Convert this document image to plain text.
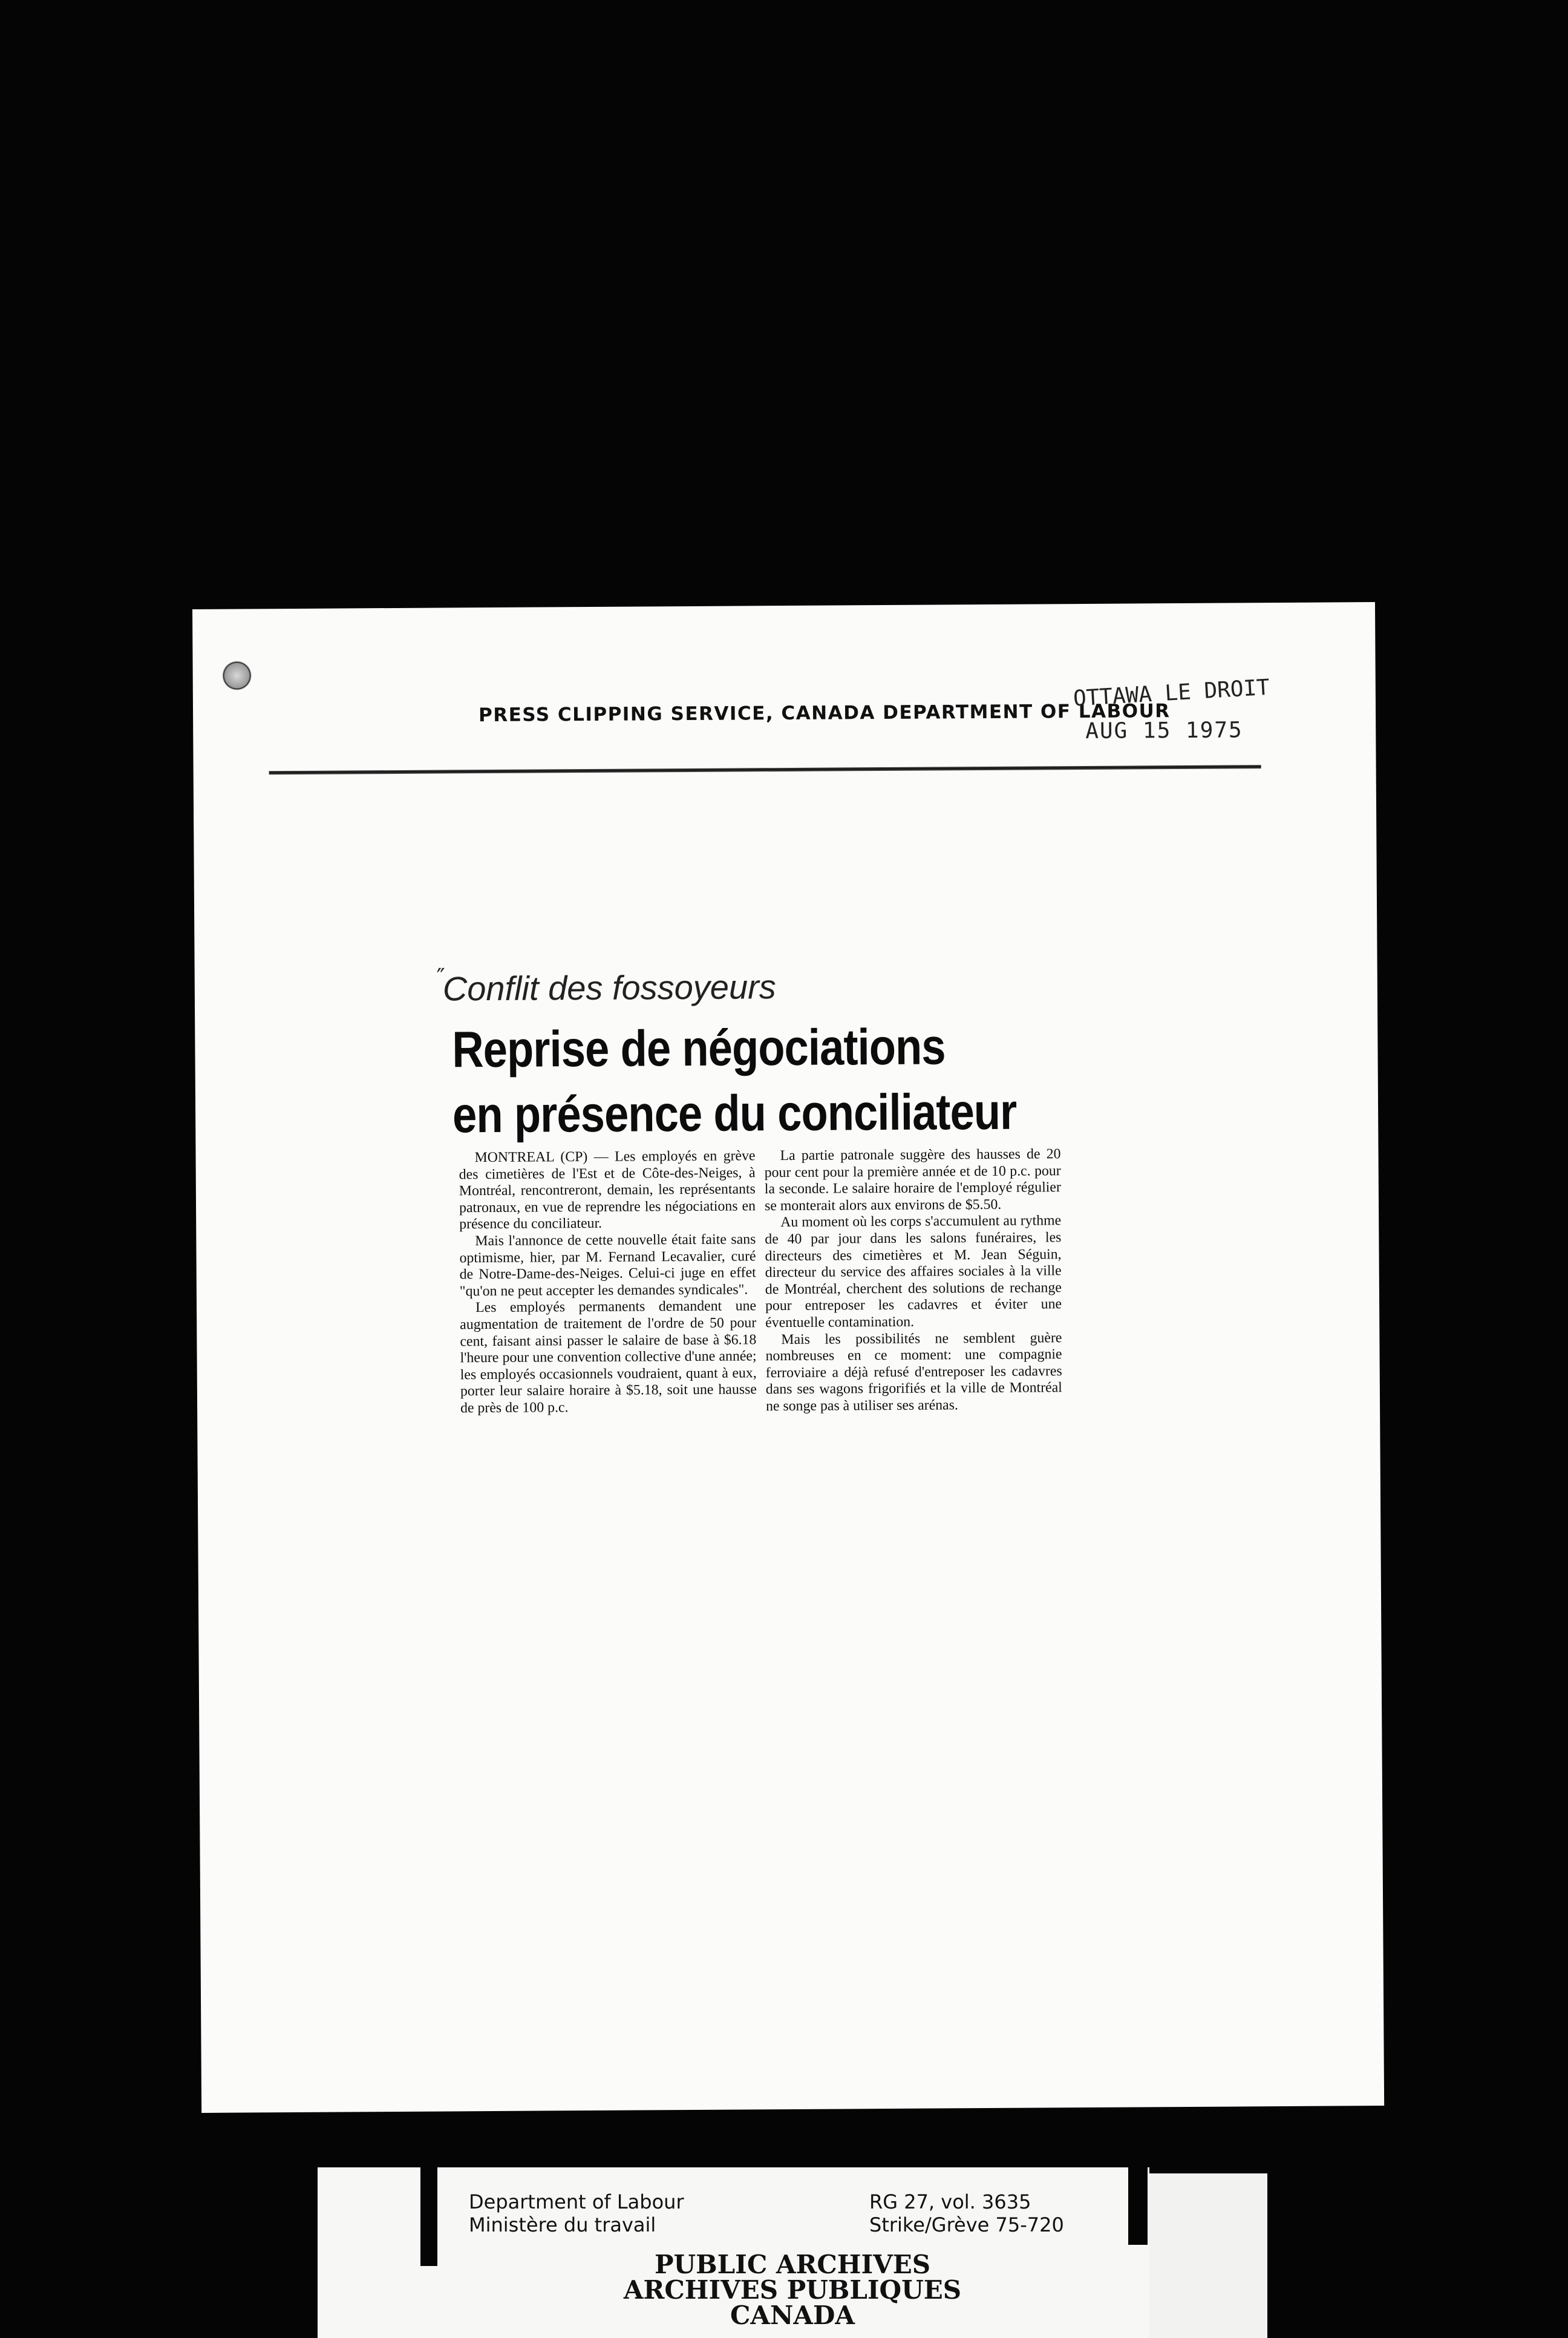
PRESS CLIPPING SERVICE, CANADA DEPARTMENT OF LABOUR
OTTAWA LE DROIT
AUG 15 1975
″
Conflit des fossoyeurs
Reprise de négociations
en présence du conciliateur

MONTREAL (CP) — Les employés en grève des cimetières de l'Est et de Côte-des-Neiges, à Montréal, rencontreront, demain, les représentants patronaux, en vue de reprendre les négociations en présence du conciliateur.

Mais l'annonce de cette nouvelle était faite sans optimisme, hier, par M. Fernand Lecavalier, curé de Notre-Dame-des-Neiges. Celui-ci juge en effet "qu'on ne peut accepter les demandes syndicales".

Les employés permanents demandent une augmentation de traitement de l'ordre de 50 pour cent, faisant ainsi passer le salaire de base à $6.18 l'heure pour une convention collective d'une année; les employés occasionnels voudraient, quant à eux, porter leur salaire horaire à $5.18, soit une hausse de près de 100 p.c.

La partie patronale suggère des hausses de 20 pour cent pour la première année et de 10 p.c. pour la seconde. Le salaire horaire de l'employé régulier se monterait alors aux environs de $5.50.

Au moment où les corps s'accumulent au rythme de 40 par jour dans les salons funéraires, les directeurs des cimetières et M. Jean Séguin, directeur du service des affaires sociales à la ville de Montréal, cherchent des solutions de rechange pour entreposer les cadavres et éviter une éventuelle contamination.

Mais les possibilités ne semblent guère nombreuses en ce moment: une compagnie ferroviaire a déjà refusé d'entreposer les cadavres dans ses wagons frigorifiés et la ville de Montréal ne songe pas à utiliser ses arénas.

Department of Labour
Ministère du travail
RG 27, vol. 3635
Strike/Grève 75-720
PUBLIC ARCHIVES
ARCHIVES PUBLIQUES
CANADA
